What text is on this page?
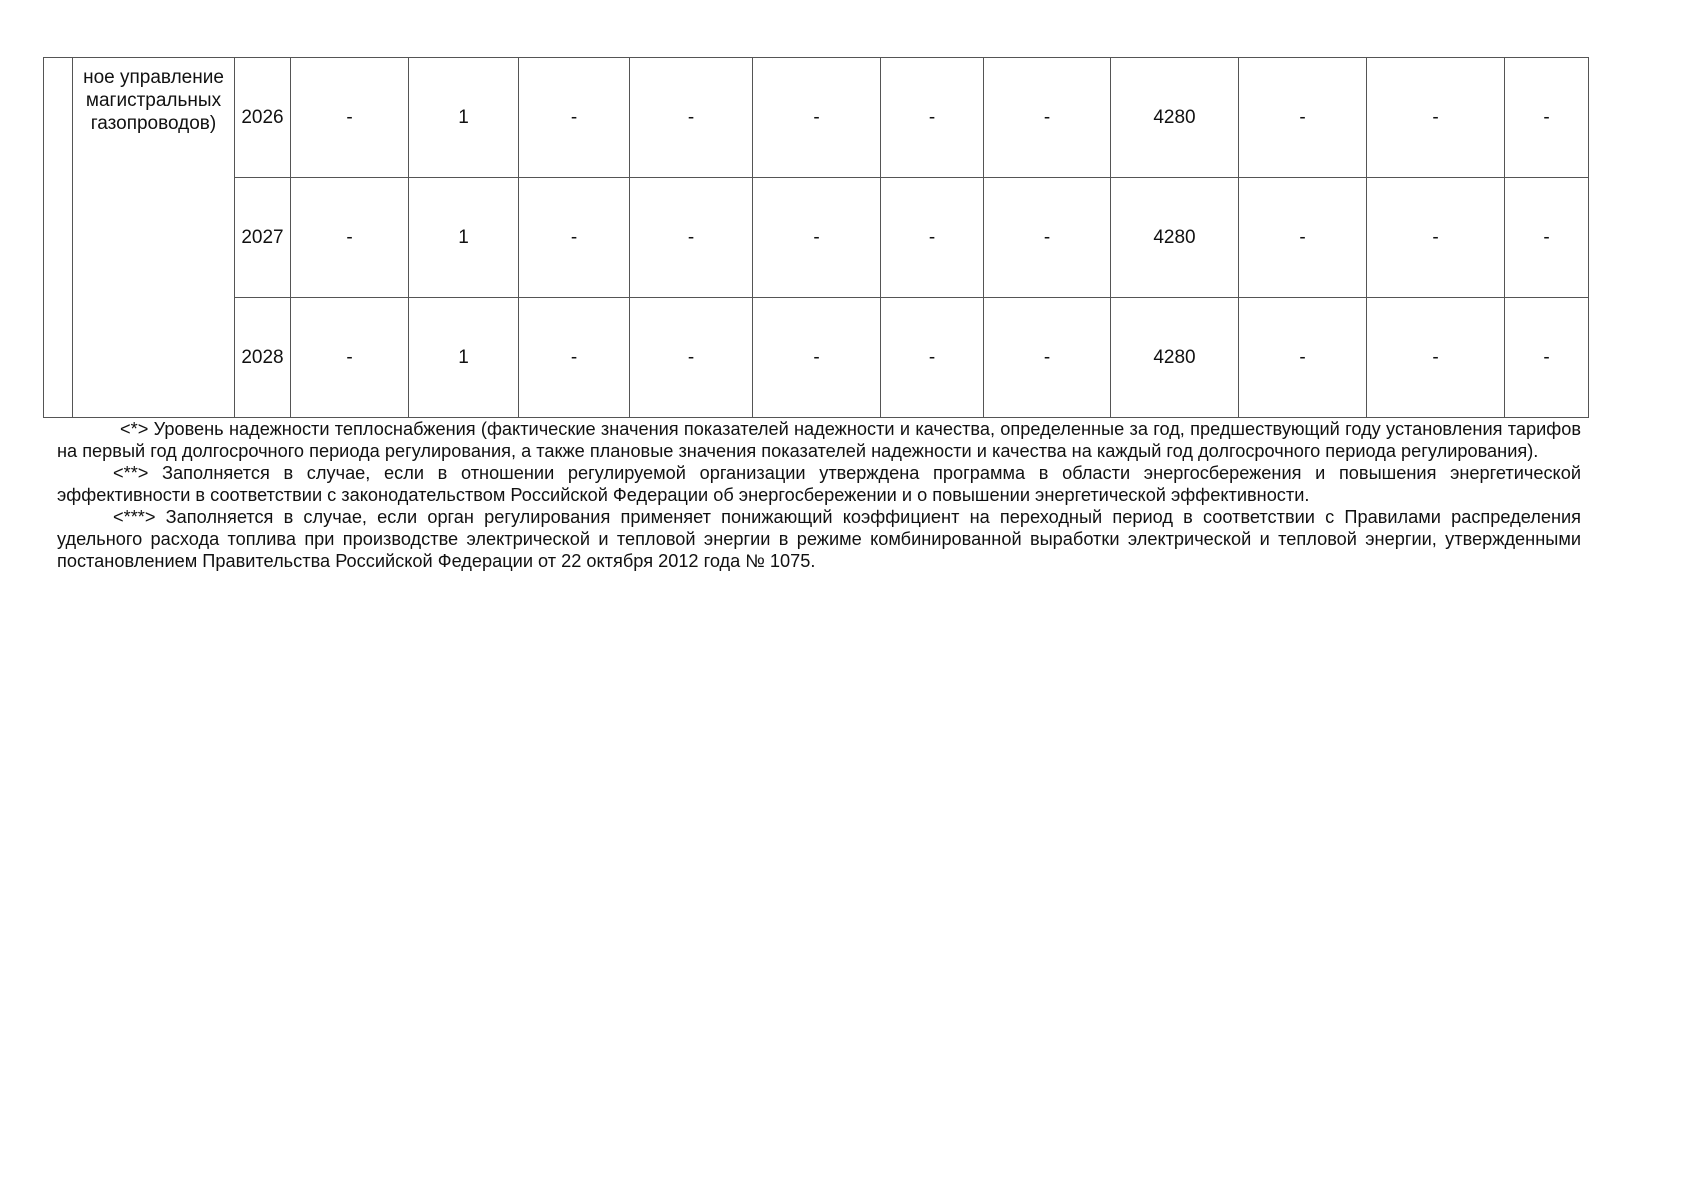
	ное управление магистральных газопроводов)	2026	-	1	-	-	-	-	-	4280	-	-	-
		2027	-	1	-	-	-	-	-	4280	-	-	-
		2028	-	1	-	-	-	-	-	4280	-	-	-

<*> Уровень надежности теплоснабжения (фактические значения показателей надежности и качества, определенные за год, предшествующий году установления тарифов на первый год долгосрочного периода регулирования, а также плановые значения показателей надежности и качества на каждый год долгосрочного периода регулирования).

<**> Заполняется в случае, если в отношении регулируемой организации утверждена программа в области энергосбережения и повышения энергетической эффективности в соответствии с законодательством Российской Федерации об энергосбережении и о повышении энергетической эффективности.

<***> Заполняется в случае, если орган регулирования применяет понижающий коэффициент на переходный период в соответствии с Правилами распределения удельного расхода топлива при производстве электрической и тепловой энергии в режиме комбинированной выработки электрической и тепловой энергии, утвержденными постановлением Правительства Российской Федерации от 22 октября 2012 года № 1075.
